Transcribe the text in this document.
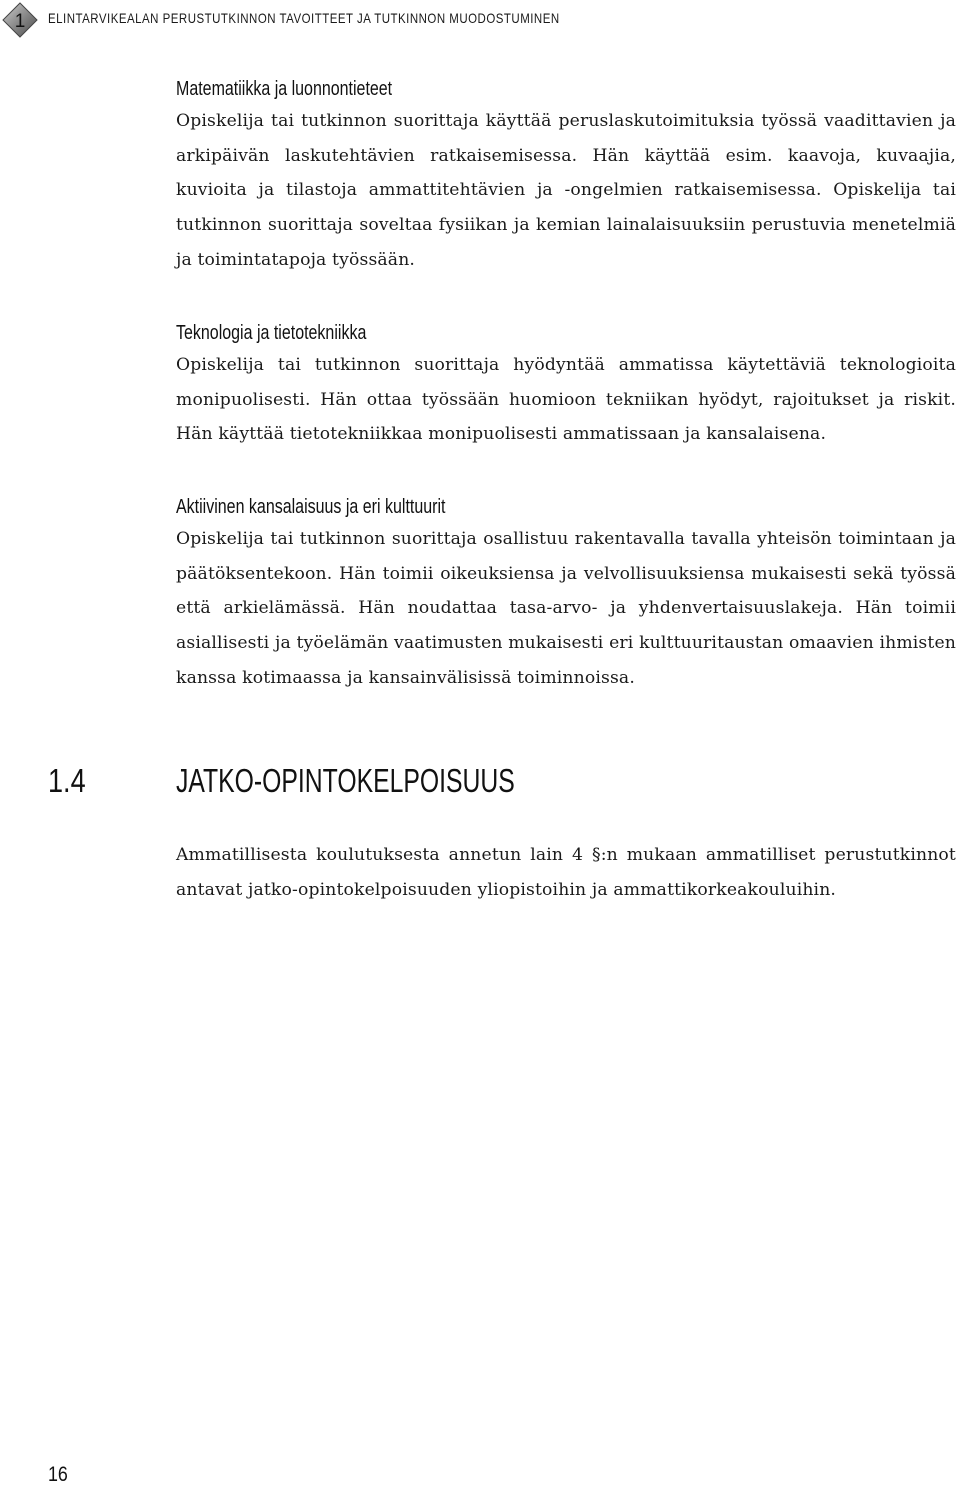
1 ELINTARVIKEALAN PERUSTUTKINNON TAVOITTEET JA TUTKINNON MUODOSTUMINEN
Matematiikka ja luonnontieteet

Opiskelija tai tutkinnon suorittaja käyttää peruslaskutoimituksia työssä vaadittavien ja arkipäivän laskutehtävien ratkaisemisessa. Hän käyttää esim. kaavoja, kuvaajia, kuvioita ja tilastoja ammattitehtävien ja -ongelmien ratkaisemisessa. Opiskelija tai tutkinnon suorittaja soveltaa fysiikan ja kemian lainalaisuuksiin perustuvia menetelmiä ja toimintatapoja työssään.

Teknologia ja tietotekniikka

Opiskelija tai tutkinnon suorittaja hyödyntää ammatissa käytettäviä teknologioita monipuolisesti. Hän ottaa työssään huomioon tekniikan hyödyt, rajoitukset ja riskit. Hän käyttää tietotekniikkaa monipuolisesti ammatissaan ja kansalaisena.

Aktiivinen kansalaisuus ja eri kulttuurit

Opiskelija tai tutkinnon suorittaja osallistuu rakentavalla tavalla yhteisön toimintaan ja päätöksentekoon. Hän toimii oikeuksiensa ja velvollisuuksiensa mukaisesti sekä työssä että arkielämässä. Hän noudattaa tasa-arvo- ja yhdenvertaisuuslakeja. Hän toimii asiallisesti ja työelämän vaatimusten mukaisesti eri kulttuuritaustan omaavien ihmisten kanssa kotimaassa ja kansainvälisissä toiminnoissa.

1.4	JATKO-OPINTOKELPOISUUS

Ammatillisesta koulutuksesta annetun lain 4 §:n mukaan ammatilliset perustutkinnot antavat jatko-opintokelpoisuuden yliopistoihin ja ammattikorkeakouluihin.

16
